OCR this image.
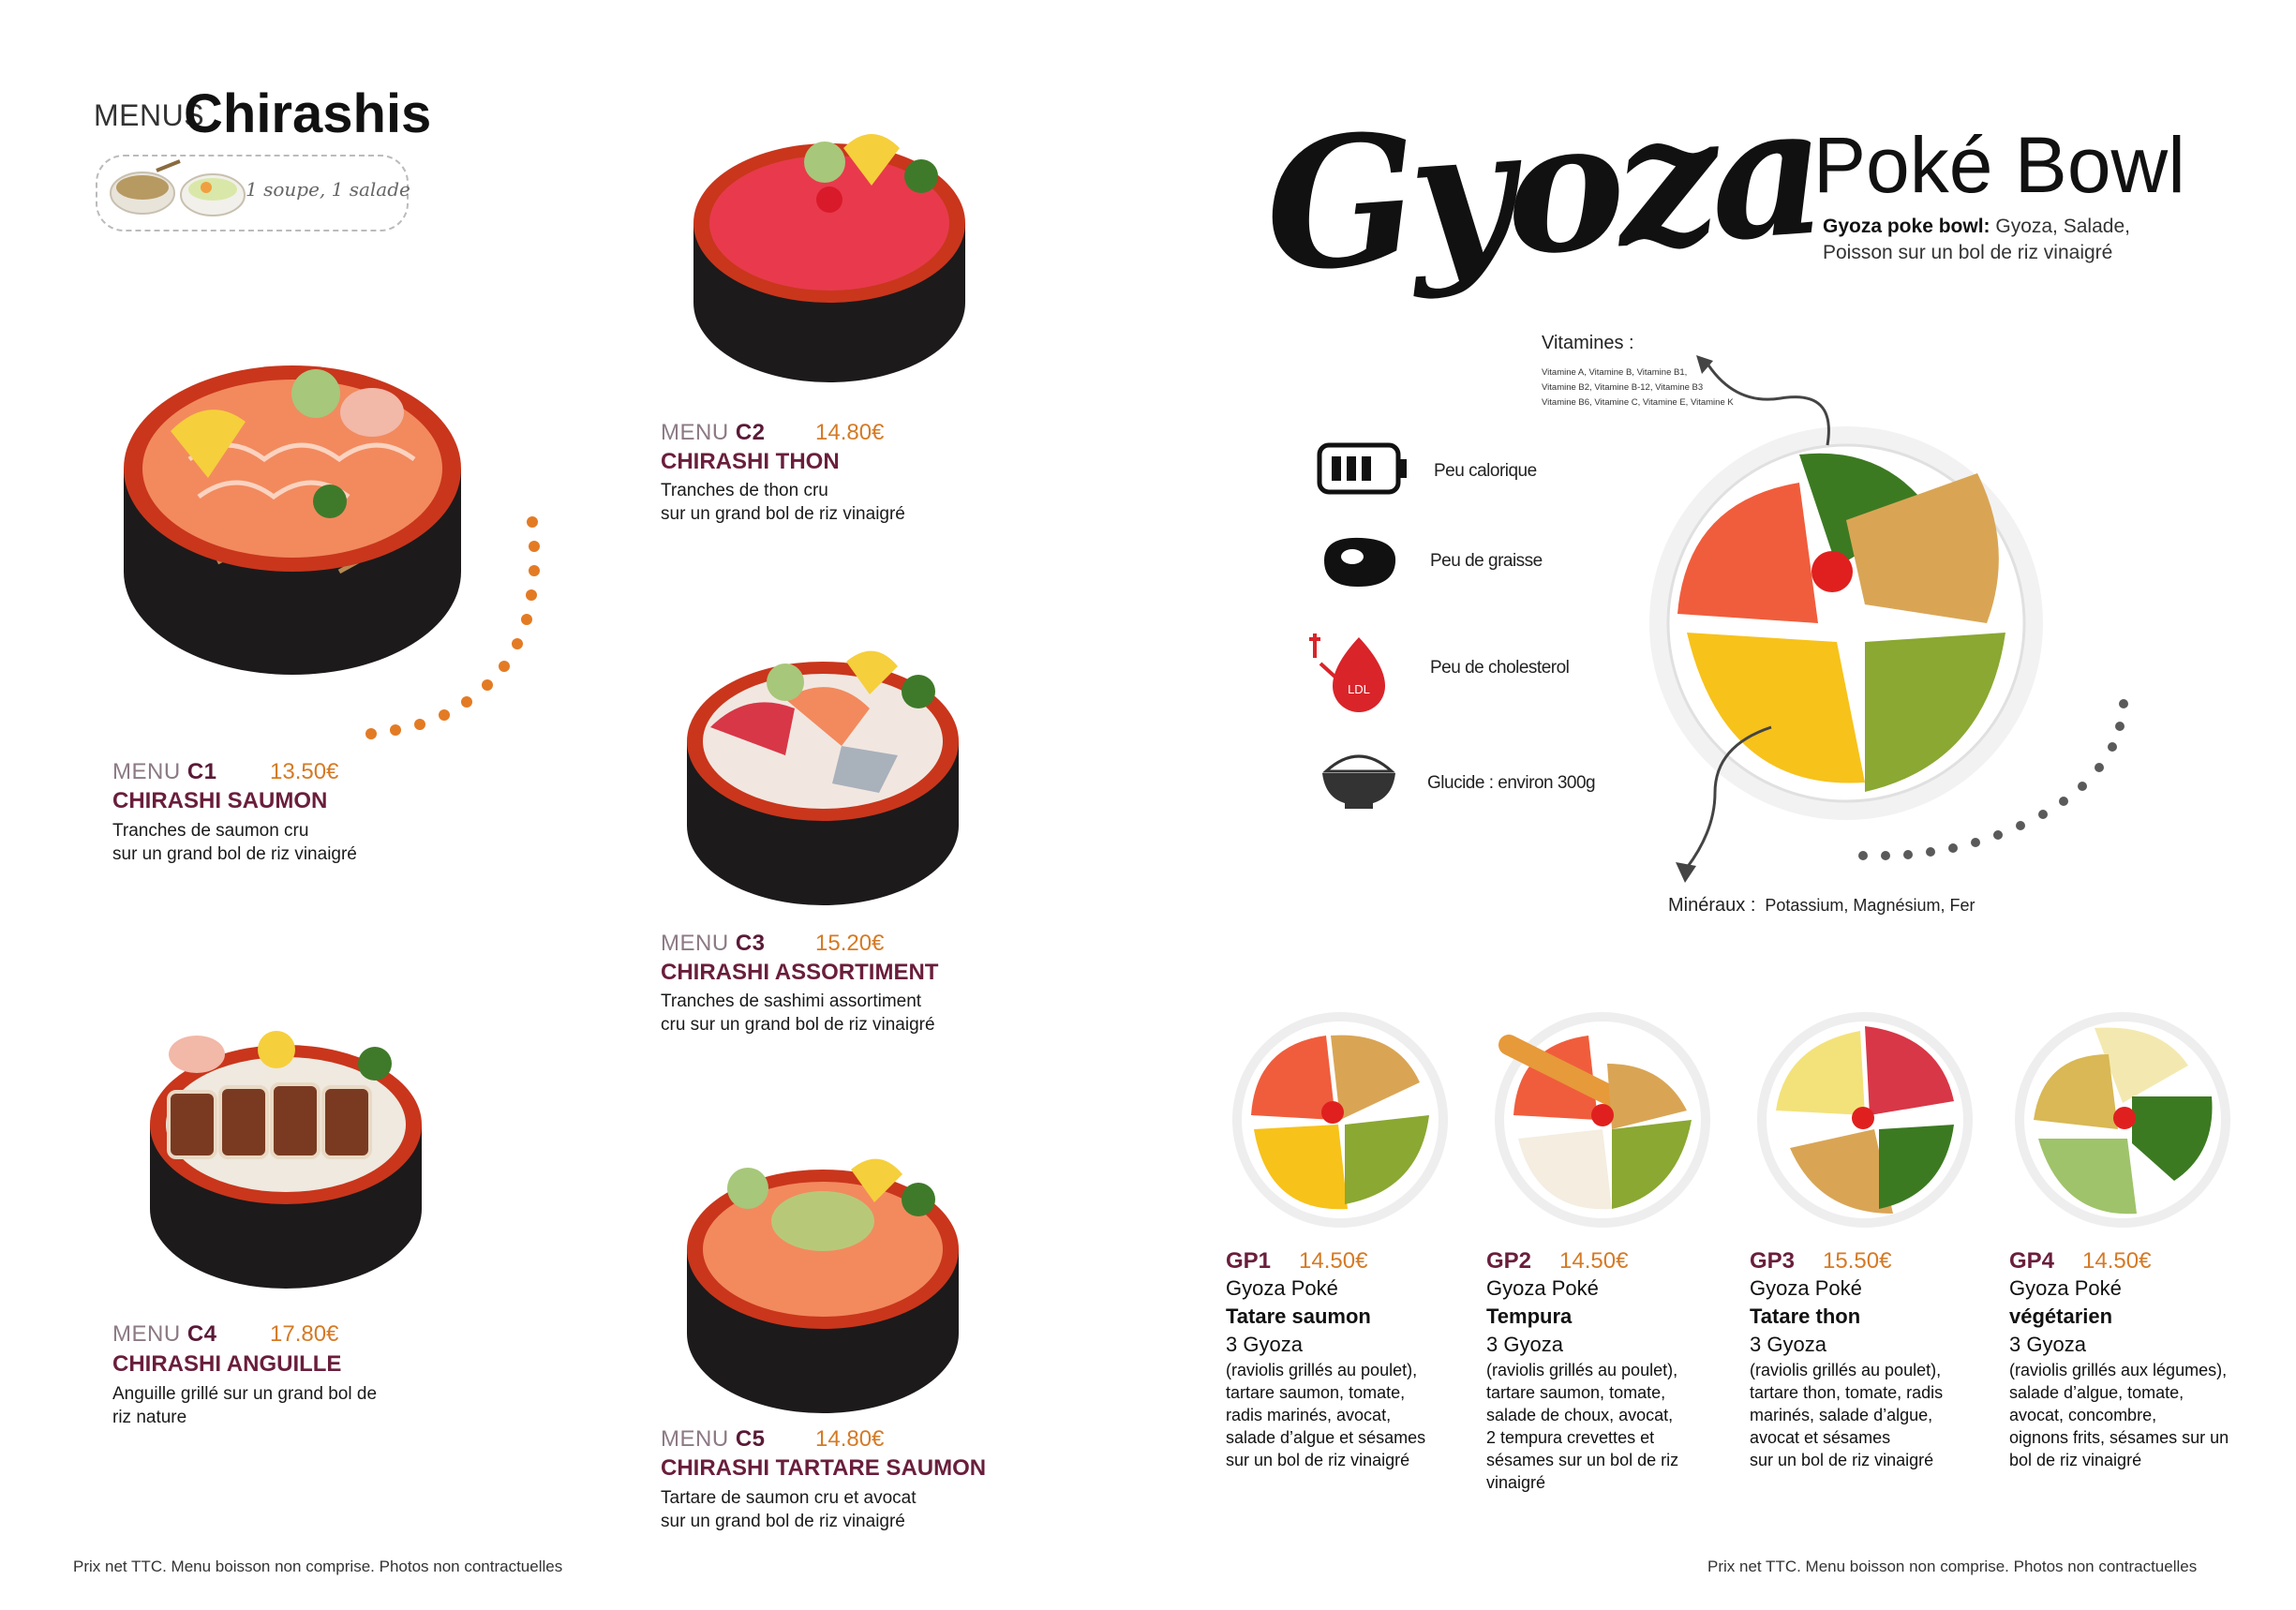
MENUS
Chirashis
1 soupe, 1 salade
MENU C1 13.50€
CHIRASHI SAUMON
Tranches de saumon cru
sur un grand bol de riz vinaigré
MENU C2 14.80€
CHIRASHI THON
Tranches de thon cru
sur un grand bol de riz vinaigré
MENU C3 15.20€
CHIRASHI ASSORTIMENT
Tranches de sashimi assortiment
cru sur un grand bol de riz vinaigré
MENU C4 17.80€
CHIRASHI ANGUILLE
Anguille grillé sur un grand bol de
riz nature
MENU C5 14.80€
CHIRASHI TARTARE SAUMON
Tartare de saumon cru et avocat
sur un grand bol de riz vinaigré
Prix net TTC. Menu boisson non comprise. Photos non contractuelles
Gyoza
Poké Bowl
Gyoza poke bowl: Gyoza, Salade,
Poisson sur un bol de riz vinaigré
Vitamines :
Vitamine A, Vitamine B, Vitamine B1,
Vitamine B2, Vitamine B-12, Vitamine B3
Vitamine B6, Vitamine C, Vitamine E, Vitamine K
Peu calorique
Peu de graisse
LDL
Peu de cholesterol
Glucide : environ 300g
Minéraux : Potassium, Magnésium, Fer
GP1 14.50€
Gyoza Poké
Tatare saumon
3 Gyoza
(raviolis grillés au poulet),
tartare saumon, tomate,
radis marinés, avocat,
salade d’algue et sésames
sur un bol de riz vinaigré
GP2 14.50€
Gyoza Poké
Tempura
3 Gyoza
(raviolis grillés au poulet),
tartare saumon, tomate,
salade de choux, avocat,
2 tempura crevettes et
sésames sur un bol de riz
vinaigré
GP3 15.50€
Gyoza Poké
Tatare thon
3 Gyoza
(raviolis grillés au poulet),
tartare thon, tomate, radis
marinés, salade d’algue,
avocat et sésames
sur un bol de riz vinaigré
GP4 14.50€
Gyoza Poké
végétarien
3 Gyoza
(raviolis grillés aux légumes),
salade d’algue, tomate,
avocat, concombre,
oignons frits, sésames sur un
bol de riz vinaigré
Prix net TTC. Menu boisson non comprise. Photos non contractuelles
